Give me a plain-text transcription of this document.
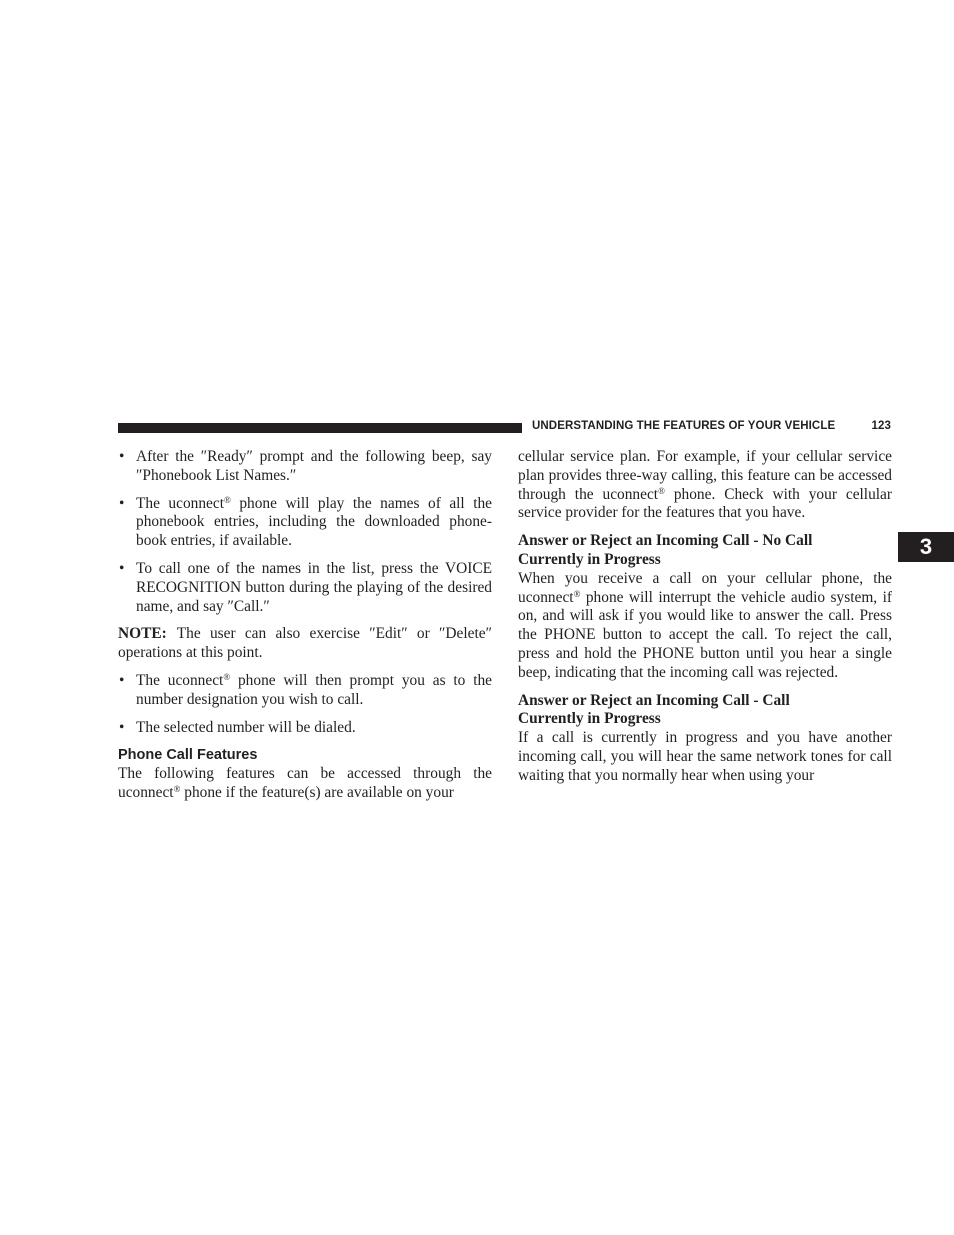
UNDERSTANDING THE FEATURES OF YOUR VEHICLE	123
3
• After the ″Ready″ prompt and the following beep, say ″Phonebook List Names.″
• The uconnect® phone will play the names of all the phonebook entries, including the downloaded phone-book entries, if available.
• To call one of the names in the list, press the VOICE RECOGNITION button during the playing of the desired name, and say ″Call.″

NOTE: The user can also exercise ″Edit″ or ″Delete″ operations at this point.

• The uconnect® phone will then prompt you as to the number designation you wish to call.
• The selected number will be dialed.
Phone Call Features

The following features can be accessed through the uconnect® phone if the feature(s) are available on your

cellular service plan. For example, if your cellular service plan provides three-way calling, this feature can be accessed through the uconnect® phone. Check with your cellular service provider for the features that you have.

Answer or Reject an Incoming Call - No Call
Currently in Progress

When you receive a call on your cellular phone, the uconnect® phone will interrupt the vehicle audio system, if on, and will ask if you would like to answer the call. Press the PHONE button to accept the call. To reject the call, press and hold the PHONE button until you hear a single beep, indicating that the incoming call was rejected.

Answer or Reject an Incoming Call - Call
Currently in Progress

If a call is currently in progress and you have another incoming call, you will hear the same network tones for call waiting that you normally hear when using your
